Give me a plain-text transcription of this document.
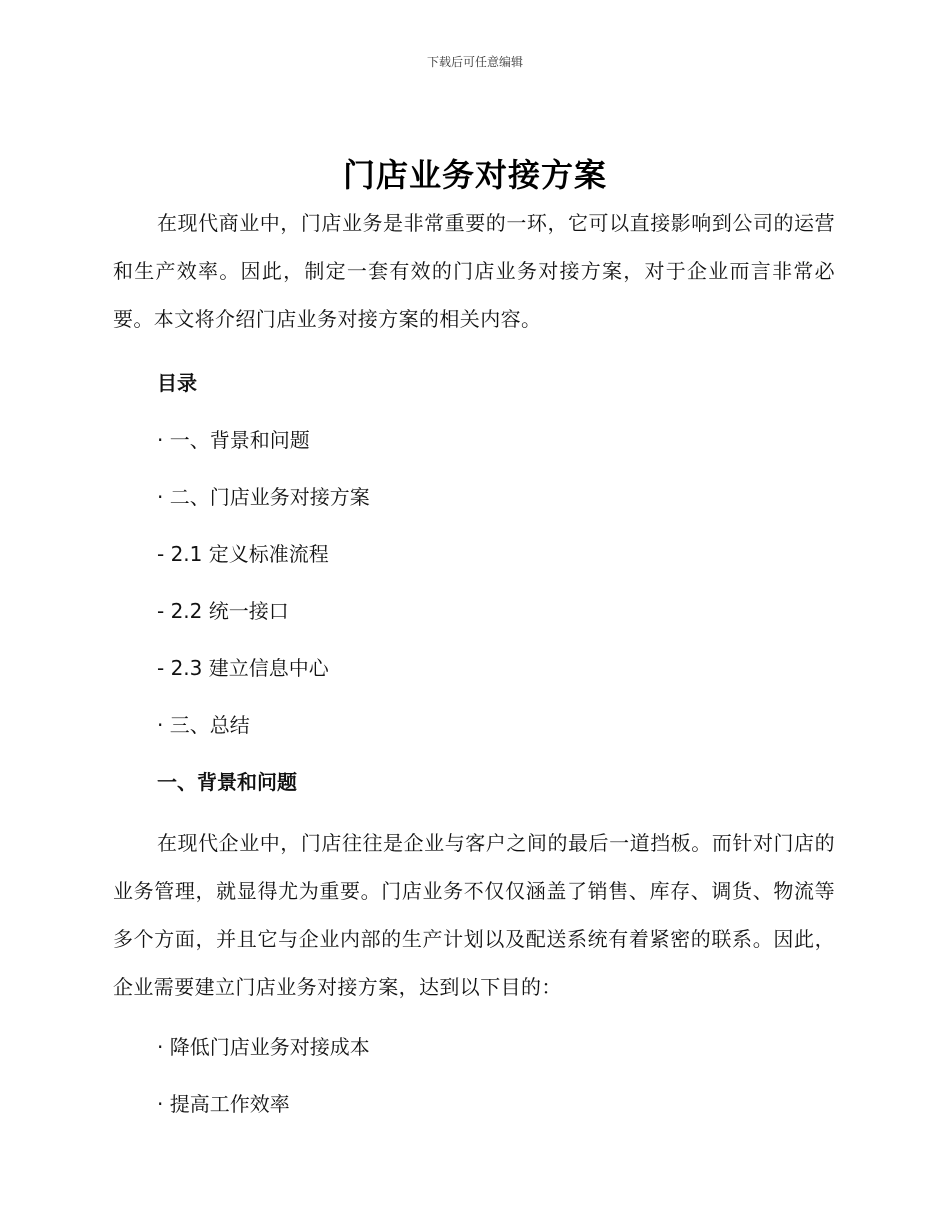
下载后可任意编辑
门店业务对接方案

在现代商业中，门店业务是非常重要的一环，它可以直接影响到公司的运营和生产效率。因此，制定一套有效的门店业务对接方案，对于企业而言非常必要。本文将介绍门店业务对接方案的相关内容。

目录

· 一、背景和问题

· 二、门店业务对接方案

- 2.1 定义标准流程

- 2.2 统一接口

- 2.3 建立信息中心

· 三、总结

一、背景和问题

在现代企业中，门店往往是企业与客户之间的最后一道挡板。而针对门店的业务管理，就显得尤为重要。门店业务不仅仅涵盖了销售、库存、调货、物流等多个方面，并且它与企业内部的生产计划以及配送系统有着紧密的联系。因此，企业需要建立门店业务对接方案，达到以下目的：

· 降低门店业务对接成本

· 提高工作效率
